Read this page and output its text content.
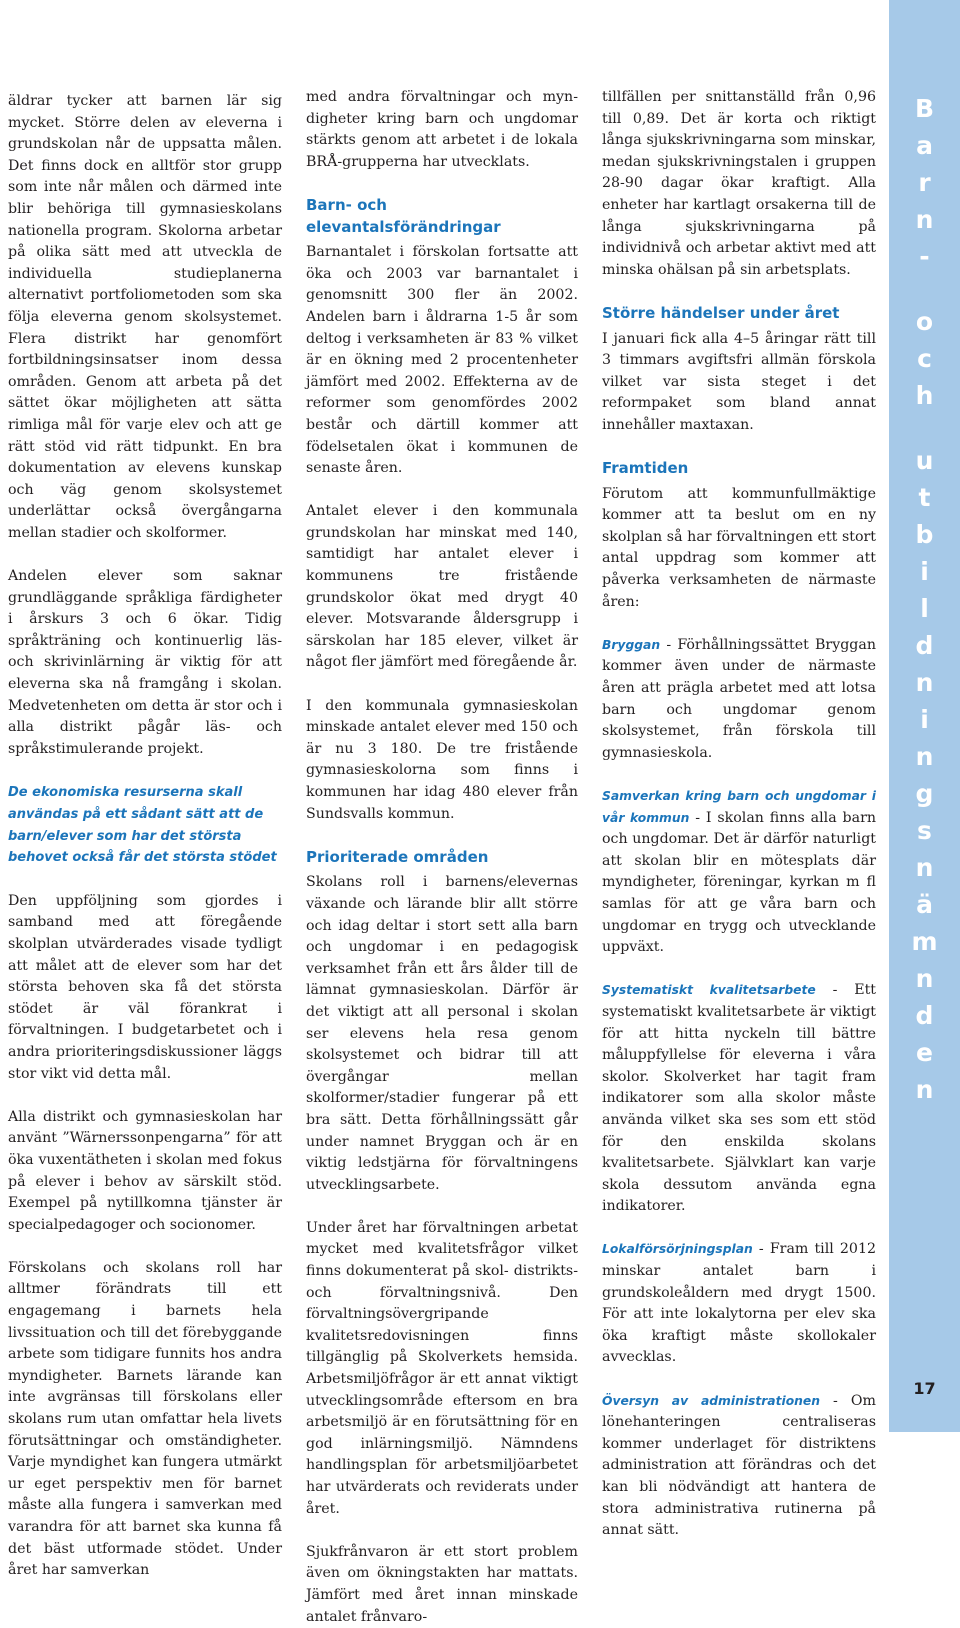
B
a
r
n
-

o
c
h

u
t
b
i
l
d
n
i
n
g
s
n
ä
m
n
d
e
n
17

äldrar tycker att barnen lär sig mycket. Större delen av eleverna i grundskolan når de uppsatta målen. Det finns dock en alltför stor grupp som inte når målen och därmed inte blir behöriga till gymnasieskolans nationella program. Skolorna arbetar på olika sätt med att utveckla de individuella studieplanerna alternativt portfoliometoden som ska följa eleverna genom skolsystemet. Flera distrikt har genomfört fortbildningsinsatser inom dessa områden. Genom att arbeta på det sättet ökar möjligheten att sätta rimliga mål för varje elev och att ge rätt stöd vid rätt tidpunkt. En bra dokumentation av elevens kunskap och väg genom skolsystemet underlättar också övergångarna mellan stadier och skolformer.

Andelen elever som saknar grundläggande språkliga färdigheter i årskurs 3 och 6 ökar. Tidig språkträning och kontinuerlig läs- och skrivinlärning är viktig för att eleverna ska nå framgång i skolan. Medvetenheten om detta är stor och i alla distrikt pågår läs- och språkstimulerande projekt.

De ekonomiska resurserna skall användas på ett sådant sätt att de barn/elever som har det största behovet också får det största stödet

Den uppföljning som gjordes i samband med att föregående skolplan utvärderades visade tydligt att målet att de elever som har det största behoven ska få det största stödet är väl förankrat i förvaltningen. I budgetarbetet och i andra prioriteringsdiskussioner läggs stor vikt vid detta mål.

Alla distrikt och gymnasieskolan har använt ”Wärnerssonpengarna” för att öka vuxentätheten i skolan med fokus på elever i behov av särskilt stöd. Exempel på nytillkomna tjänster är specialpedagoger och socionomer.

Förskolans och skolans roll har alltmer förändrats till ett engagemang i barnets hela livssituation och till det förebyggande arbete som tidigare funnits hos andra myndigheter. Barnets lärande kan inte avgränsas till förskolans eller skolans rum utan omfattar hela livets förutsättningar och omständigheter. Varje myndighet kan fungera utmärkt ur eget perspektiv men för barnet måste alla fungera i samverkan med varandra för att barnet ska kunna få det bäst utformade stödet. Under året har samverkan

med andra förvaltningar och myn-digheter kring barn och ungdomar stärkts genom att arbetet i de lokala BRÅ-grupperna har utvecklats.

Barn- och elevantalsförändringar

Barnantalet i förskolan fortsatte att öka och 2003 var barnantalet i genomsnitt 300 fler än 2002. Andelen barn i åldrarna 1-5 år som deltog i verksamheten är 83 % vilket är en ökning med 2 procentenheter jämfört med 2002. Effekterna av de reformer som genomfördes 2002 består och därtill kommer att födelsetalen ökat i kommunen de senaste åren.

Antalet elever i den kommunala grundskolan har minskat med 140, samtidigt har antalet elever i kommunens tre fristående grundskolor ökat med drygt 40 elever. Motsvarande åldersgrupp i särskolan har 185 elever, vilket är något fler jämfört med föregående år.

I den kommunala gymnasieskolan minskade antalet elever med 150 och är nu 3 180. De tre fristående gymnasieskolorna som finns i kommunen har idag 480 elever från Sundsvalls kommun.

Prioriterade områden

Skolans roll i barnens/elevernas växande och lärande blir allt större och idag deltar i stort sett alla barn och ungdomar i en pedagogisk verksamhet från ett års ålder till de lämnat gymnasieskolan. Därför är det viktigt att all personal i skolan ser elevens hela resa genom skolsystemet och bidrar till att övergångar mellan skolformer/stadier fungerar på ett bra sätt. Detta förhållningssätt går under namnet Bryggan och är en viktig ledstjärna för förvaltningens utvecklingsarbete.

Under året har förvaltningen arbetat mycket med kvalitetsfrågor vilket finns dokumenterat på skol- distrikts- och förvaltningsnivå. Den förvaltningsövergripande kvalitetsredovisningen finns tillgänglig på Skolverkets hemsida. Arbetsmiljöfrågor är ett annat viktigt utvecklingsområde eftersom en bra arbetsmiljö är en förutsättning för en god inlärningsmiljö. Nämndens handlingsplan för arbetsmiljöarbetet har utvärderats och reviderats under året.

Sjukfrånvaron är ett stort problem även om ökningstakten har mattats. Jämfört med året innan minskade antalet frånvaro-

tillfällen per snittanställd från 0,96 till 0,89. Det är korta och riktigt långa sjukskrivningarna som minskar, medan sjukskrivningstalen i gruppen 28-90 dagar ökar kraftigt. Alla enheter har kartlagt orsakerna till de långa sjukskrivningarna på individnivå och arbetar aktivt med att minska ohälsan på sin arbetsplats.

Större händelser under året

I januari fick alla 4–5 åringar rätt till 3 timmars avgiftsfri allmän förskola vilket var sista steget i det reformpaket som bland annat innehåller maxtaxan.

Framtiden

Förutom att kommunfullmäktige kommer att ta beslut om en ny skolplan så har förvaltningen ett stort antal uppdrag som kommer att påverka verksamheten de närmaste åren:

Bryggan - Förhållningssättet Bryggan kommer även under de närmaste åren att prägla arbetet med att lotsa barn och ungdomar genom skolsystemet, från förskola till gymnasieskola.

Samverkan kring barn och ungdomar i vår kommun - I skolan finns alla barn och ungdomar. Det är därför naturligt att skolan blir en mötesplats där myndigheter, föreningar, kyrkan m fl samlas för att ge våra barn och ungdomar en trygg och utvecklande uppväxt.

Systematiskt kvalitetsarbete - Ett systematiskt kvalitetsarbete är viktigt för att hitta nyckeln till bättre måluppfyllelse för eleverna i våra skolor. Skolverket har tagit fram indikatorer som alla skolor måste använda vilket ska ses som ett stöd för den enskilda skolans kvalitetsarbete. Självklart kan varje skola dessutom använda egna indikatorer.

Lokalförsörjningsplan - Fram till 2012 minskar antalet barn i grundskoleåldern med drygt 1500. För att inte lokalytorna per elev ska öka kraftigt måste skollokaler avvecklas.

Översyn av administrationen - Om lönehanteringen centraliseras kommer underlaget för distriktens administration att förändras och det kan bli nödvändigt att hantera de stora administrativa rutinerna på annat sätt.
